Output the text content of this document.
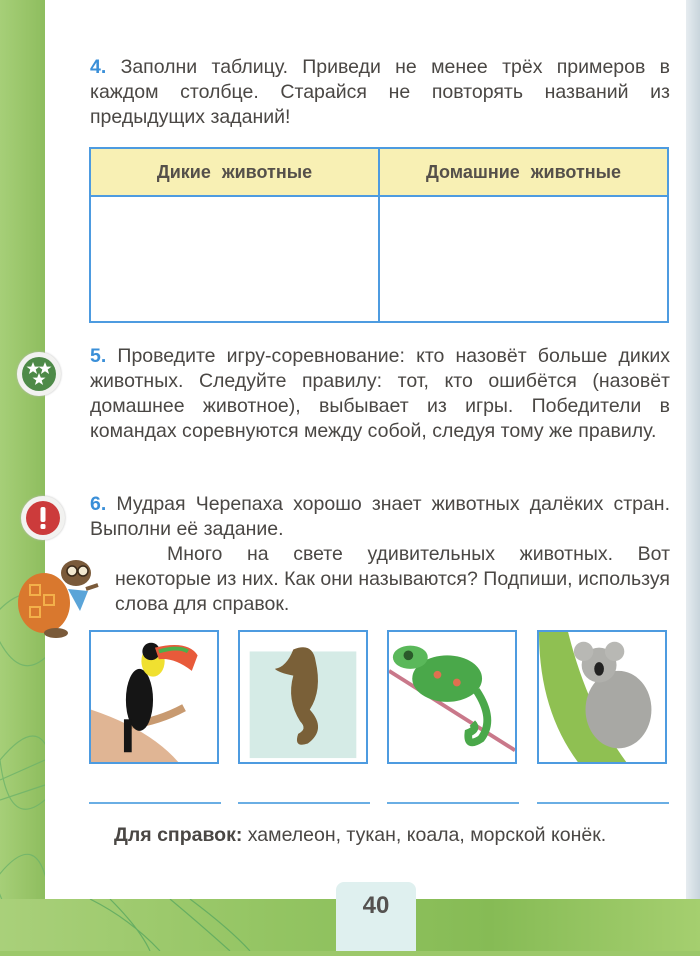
40
4. Заполни таблицу. Приведи не менее трёх примеров в каждом столбце. Старайся не повторять названий из предыдущих заданий!
Дикие животные	Домашние животные

5. Проведите игру-соревнование: кто назовёт больше диких животных. Следуйте правилу: тот, кто ошибётся (назовёт домашнее животное), выбывает из игры. Победители в командах соревнуются между собой, следуя тому же правилу.
6. Мудрая Черепаха хорошо знает животных далёких стран. Выполни её задание.
Много на свете удивительных животных. Вот некоторые из них. Как они называются? Подпиши, используя слова для справок.
Для справок: хамелеон, тукан, коала, морской конёк.
